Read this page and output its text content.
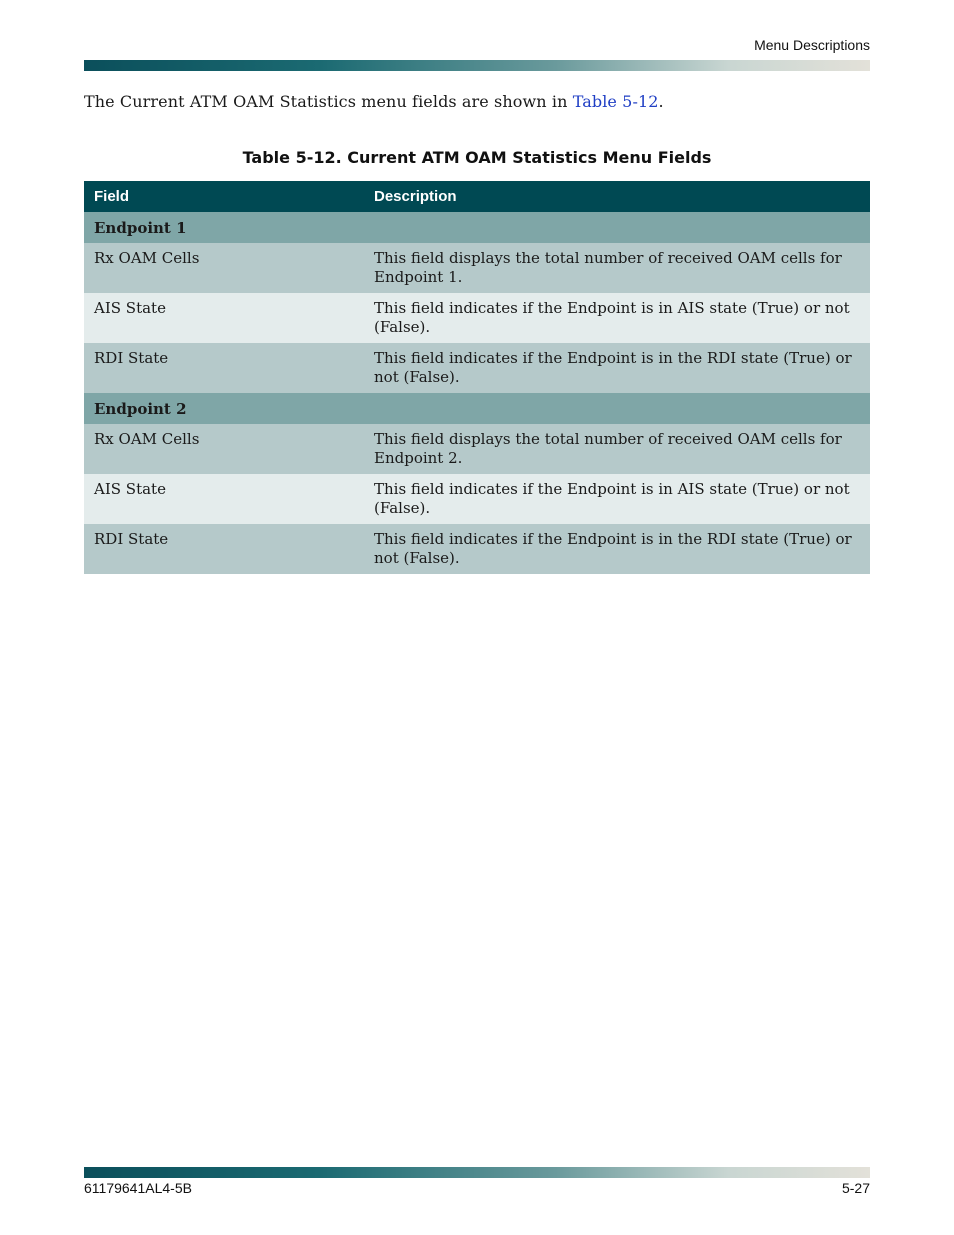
Menu Descriptions
The Current ATM OAM Statistics menu fields are shown in Table 5-12.
Table 5-12. Current ATM OAM Statistics Menu Fields
Field	Description
Endpoint 1
Rx OAM Cells	This field displays the total number of received OAM cells for Endpoint 1.
AIS State	This field indicates if the Endpoint is in AIS state (True) or not (False).
RDI State	This field indicates if the Endpoint is in the RDI state (True) or not (False).
Endpoint 2
Rx OAM Cells	This field displays the total number of received OAM cells for Endpoint 2.
AIS State	This field indicates if the Endpoint is in AIS state (True) or not (False).
RDI State	This field indicates if the Endpoint is in the RDI state (True) or not (False).
61179641AL4-5B	5-27
